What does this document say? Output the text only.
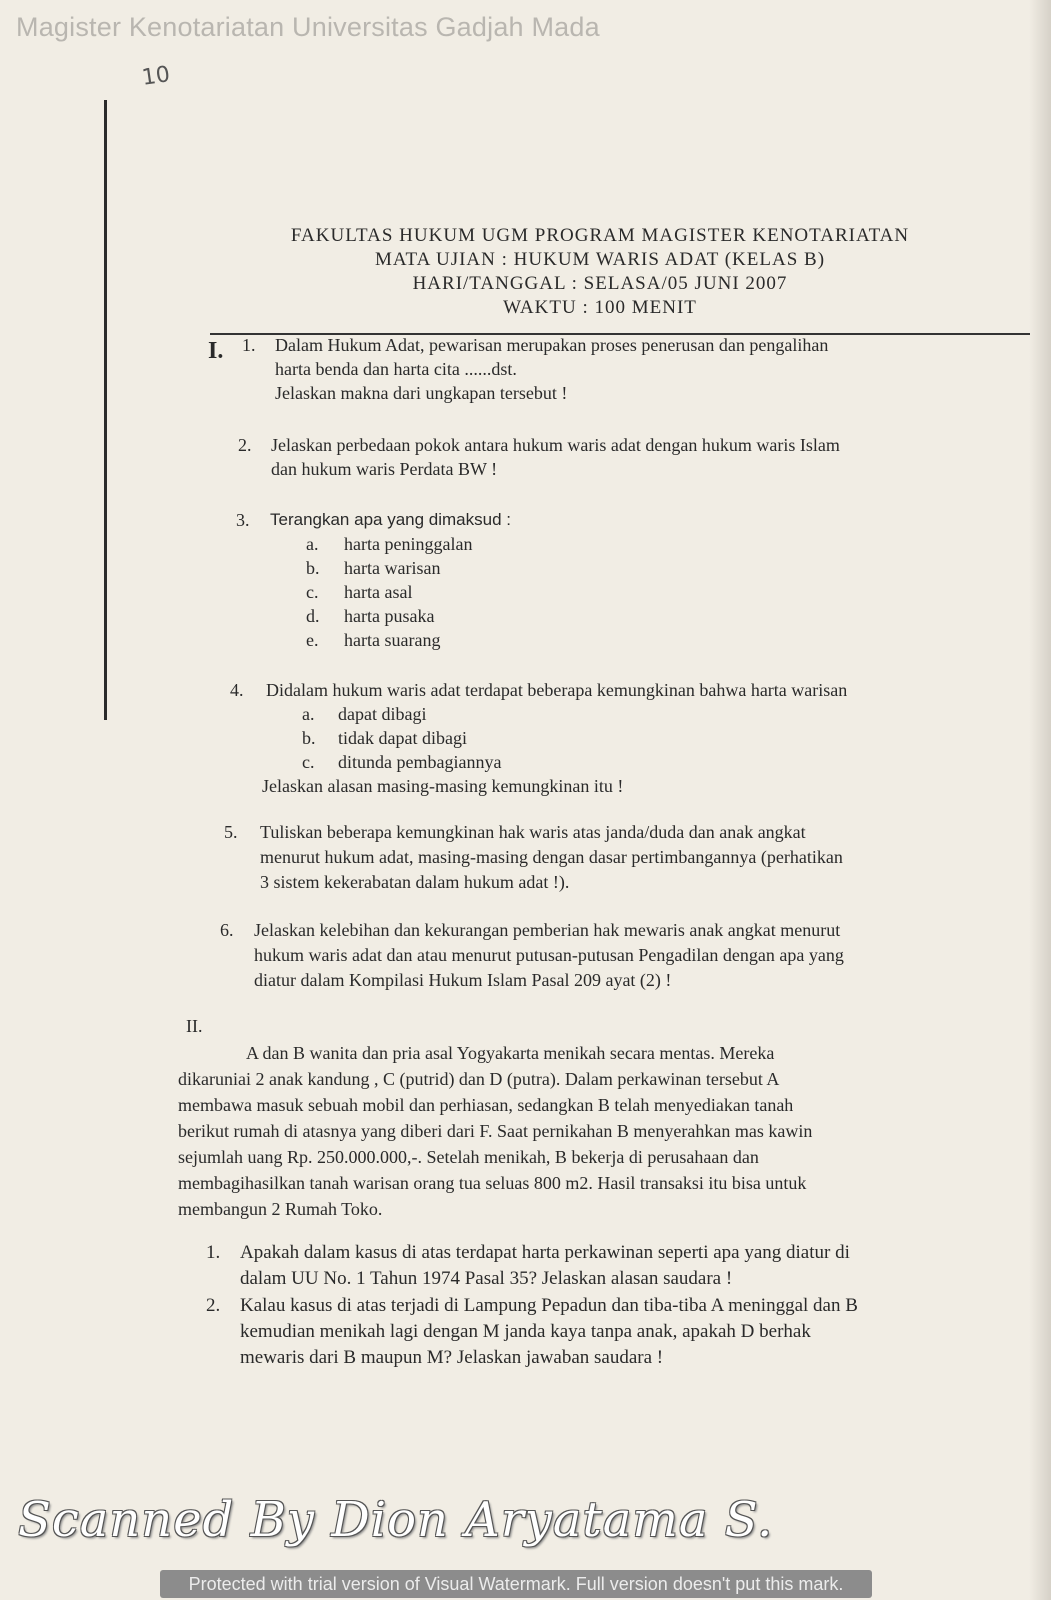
Magister Kenotariatan Universitas Gadjah Mada
10
FAKULTAS HUKUM UGM PROGRAM MAGISTER KENOTARIATAN
MATA UJIAN : HUKUM WARIS ADAT (KELAS B)
HARI/TANGGAL : SELASA/05 JUNI 2007
WAKTU : 100 MENIT
I. 1. Dalam Hukum Adat, pewarisan merupakan proses penerusan dan pengalihan
harta benda dan harta cita ......dst.
Jelaskan makna dari ungkapan tersebut !
2. Jelaskan perbedaan pokok antara hukum waris adat dengan hukum waris Islam
dan hukum waris Perdata BW !
3. Terangkan apa yang dimaksud :
a. harta peninggalan
b. harta warisan
c. harta asal
d. harta pusaka
e. harta suarang
4. Didalam hukum waris adat terdapat beberapa kemungkinan bahwa harta warisan
a. dapat dibagi
b. tidak dapat dibagi
c. ditunda pembagiannya
Jelaskan alasan masing-masing kemungkinan itu !
5. Tuliskan beberapa kemungkinan hak waris atas janda/duda dan anak angkat
menurut hukum adat, masing-masing dengan dasar pertimbangannya (perhatikan
3 sistem kekerabatan dalam hukum adat !).
6. Jelaskan kelebihan dan kekurangan pemberian hak mewaris anak angkat menurut
hukum waris adat dan atau menurut putusan-putusan Pengadilan dengan apa yang
diatur dalam Kompilasi Hukum Islam Pasal 209 ayat (2) !
II.
A dan B wanita dan pria asal Yogyakarta menikah secara mentas. Mereka
dikaruniai 2 anak kandung , C (putrid) dan D (putra). Dalam perkawinan tersebut A
membawa masuk sebuah mobil dan perhiasan, sedangkan B telah menyediakan tanah
berikut rumah di atasnya yang diberi dari F. Saat pernikahan B menyerahkan mas kawin
sejumlah uang Rp. 250.000.000,-. Setelah menikah, B bekerja di perusahaan dan
membagihasilkan tanah warisan orang tua seluas 800 m2. Hasil transaksi itu bisa untuk
membangun 2 Rumah Toko.
1. Apakah dalam kasus di atas terdapat harta perkawinan seperti apa yang diatur di
dalam UU No. 1 Tahun 1974 Pasal 35? Jelaskan alasan saudara !
2. Kalau kasus di atas terjadi di Lampung Pepadun dan tiba-tiba A meninggal dan B
kemudian menikah lagi dengan M janda kaya tanpa anak, apakah D berhak
mewaris dari B maupun M? Jelaskan jawaban saudara !
Scanned By Dion Aryatama S.
Protected with trial version of Visual Watermark. Full version doesn't put this mark.
